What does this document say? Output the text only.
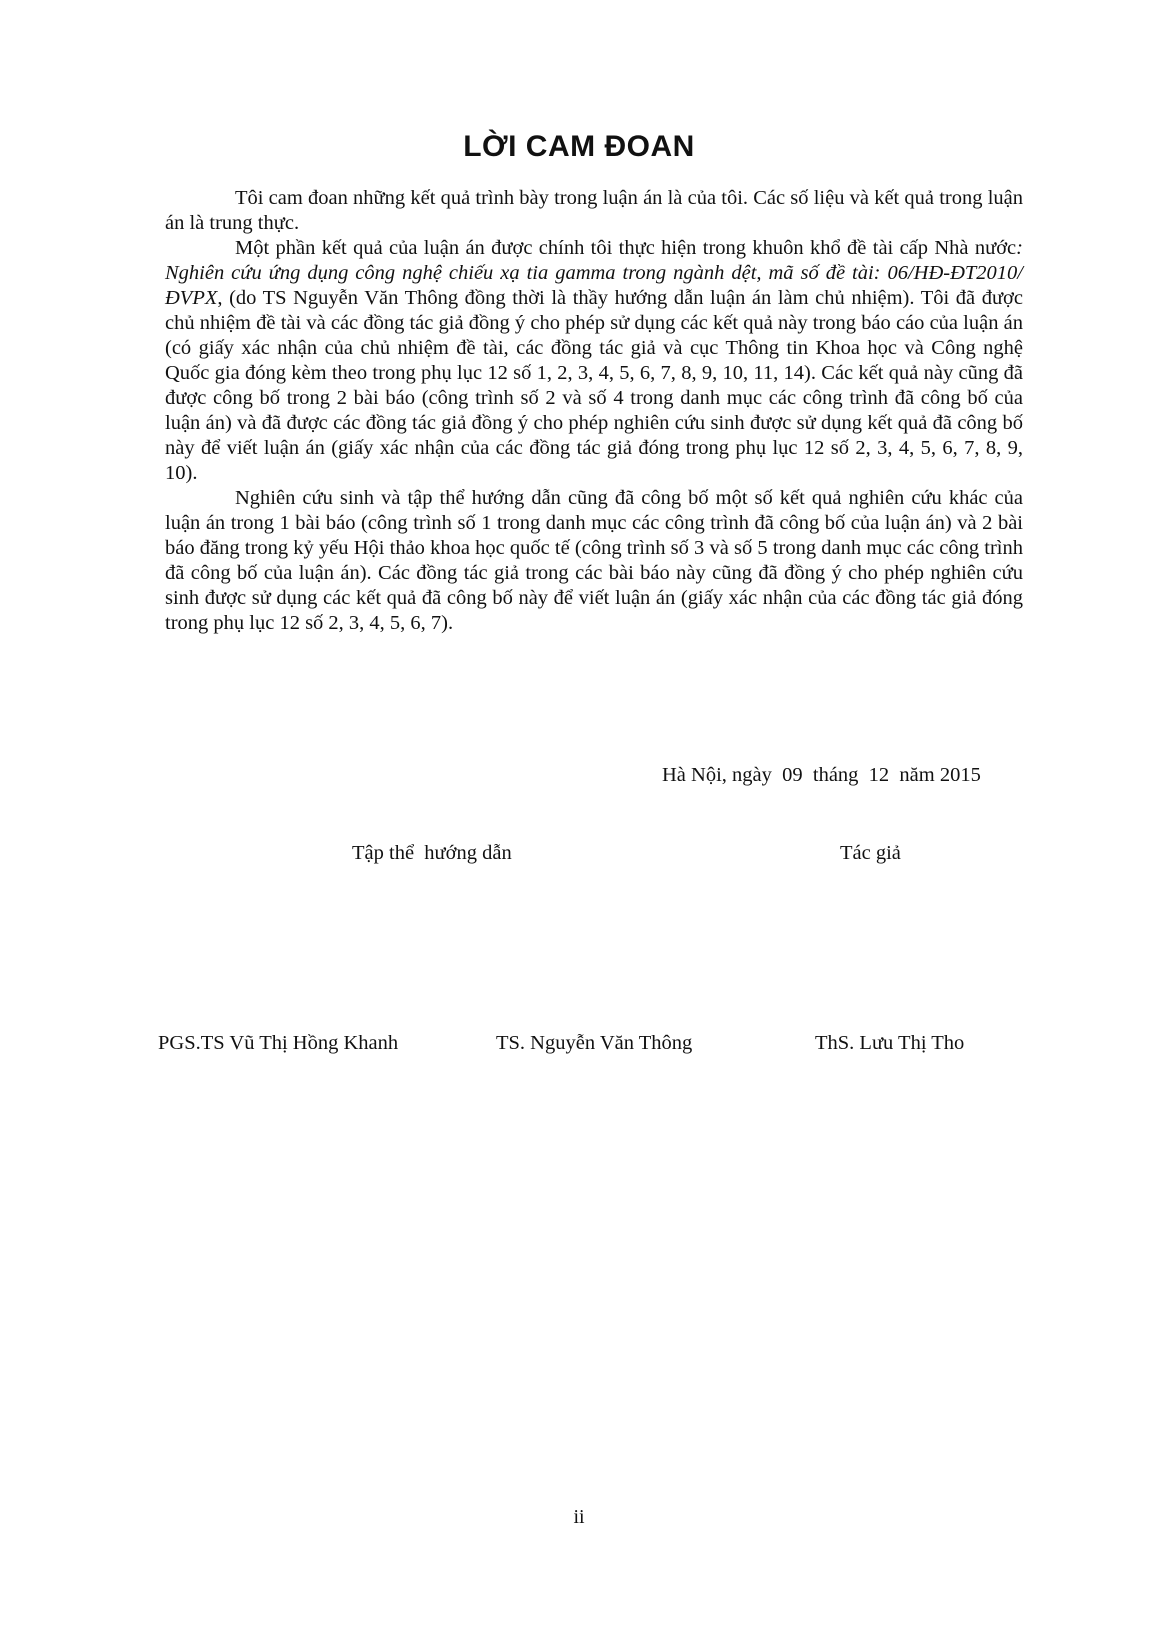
LỜI CAM ĐOAN

Tôi cam đoan những kết quả trình bày trong luận án là của tôi. Các số liệu và kết quả trong luận án là trung thực.

Một phần kết quả của luận án được chính tôi thực hiện trong khuôn khổ đề tài cấp Nhà nước: Nghiên cứu ứng dụng công nghệ chiếu xạ tia gamma trong ngành dệt, mã số đề tài: 06/HĐ-ĐT2010/ĐVPX, (do TS Nguyễn Văn Thông đồng thời là thầy hướng dẫn luận án làm chủ nhiệm). Tôi đã được chủ nhiệm đề tài và các đồng tác giả đồng ý cho phép sử dụng các kết quả này trong báo cáo của luận án (có giấy xác nhận của chủ nhiệm đề tài, các đồng tác giả và cục Thông tin Khoa học và Công nghệ Quốc gia đóng kèm theo trong phụ lục 12 số 1, 2, 3, 4, 5, 6, 7, 8, 9, 10, 11, 14). Các kết quả này cũng đã được công bố trong 2 bài báo (công trình số 2 và số 4 trong danh mục các công trình đã công bố của luận án) và đã được các đồng tác giả đồng ý cho phép nghiên cứu sinh được sử dụng kết quả đã công bố này để viết luận án (giấy xác nhận của các đồng tác giả đóng trong phụ lục 12 số 2, 3, 4, 5, 6, 7, 8, 9, 10).

Nghiên cứu sinh và tập thể hướng dẫn cũng đã công bố một số kết quả nghiên cứu khác của luận án trong 1 bài báo (công trình số 1 trong danh mục các công trình đã công bố của luận án) và 2 bài báo đăng trong kỷ yếu Hội thảo khoa học quốc tế (công trình số 3 và số 5 trong danh mục các công trình đã công bố của luận án). Các đồng tác giả trong các bài báo này cũng đã đồng ý cho phép nghiên cứu sinh được sử dụng các kết quả đã công bố này để viết luận án (giấy xác nhận của các đồng tác giả đóng trong phụ lục 12 số 2, 3, 4, 5, 6, 7).

Hà Nội, ngày  09  tháng  12  năm 2015
Tập thể  hướng dẫn	Tác giả
PGS.TS Vũ Thị Hồng Khanh	TS. Nguyễn Văn Thông	ThS. Lưu Thị Tho
ii
